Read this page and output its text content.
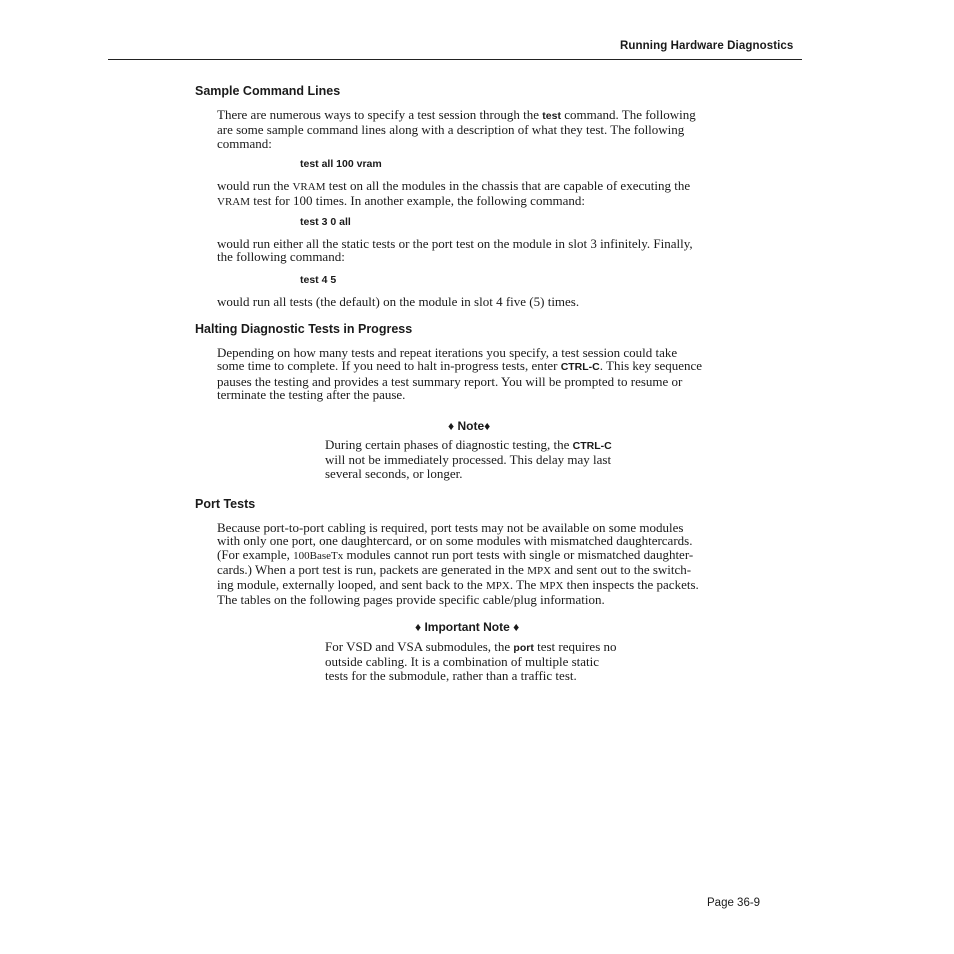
Running Hardware Diagnostics
Sample Command Lines
There are numerous ways to specify a test session through the test command. The following
are some sample command lines along with a description of what they test. The following
command:
test all 100 vram
would run the VRAM test on all the modules in the chassis that are capable of executing the
VRAM test for 100 times. In another example, the following command:
test 3 0 all
would run either all the static tests or the port test on the module in slot 3 infinitely. Finally,
the following command:
test 4 5
would run all tests (the default) on the module in slot 4 five (5) times.
Halting Diagnostic Tests in Progress
Depending on how many tests and repeat iterations you specify, a test session could take
some time to complete. If you need to halt in-progress tests, enter CTRL-C. This key sequence
pauses the testing and provides a test summary report. You will be prompted to resume or
terminate the testing after the pause.
♦ Note♦
During certain phases of diagnostic testing, the CTRL-C
will not be immediately processed. This delay may last
several seconds, or longer.
Port Tests
Because port-to-port cabling is required, port tests may not be available on some modules
with only one port, one daughtercard, or on some modules with mismatched daughtercards.
(For example, 100BaseTx modules cannot run port tests with single or mismatched daughter-
cards.) When a port test is run, packets are generated in the MPX and sent out to the switch-
ing module, externally looped, and sent back to the MPX. The MPX then inspects the packets.
The tables on the following pages provide specific cable/plug information.
♦ Important Note ♦
For VSD and VSA submodules, the port test requires no
outside cabling. It is a combination of multiple static
tests for the submodule, rather than a traffic test.
Page 36-9
